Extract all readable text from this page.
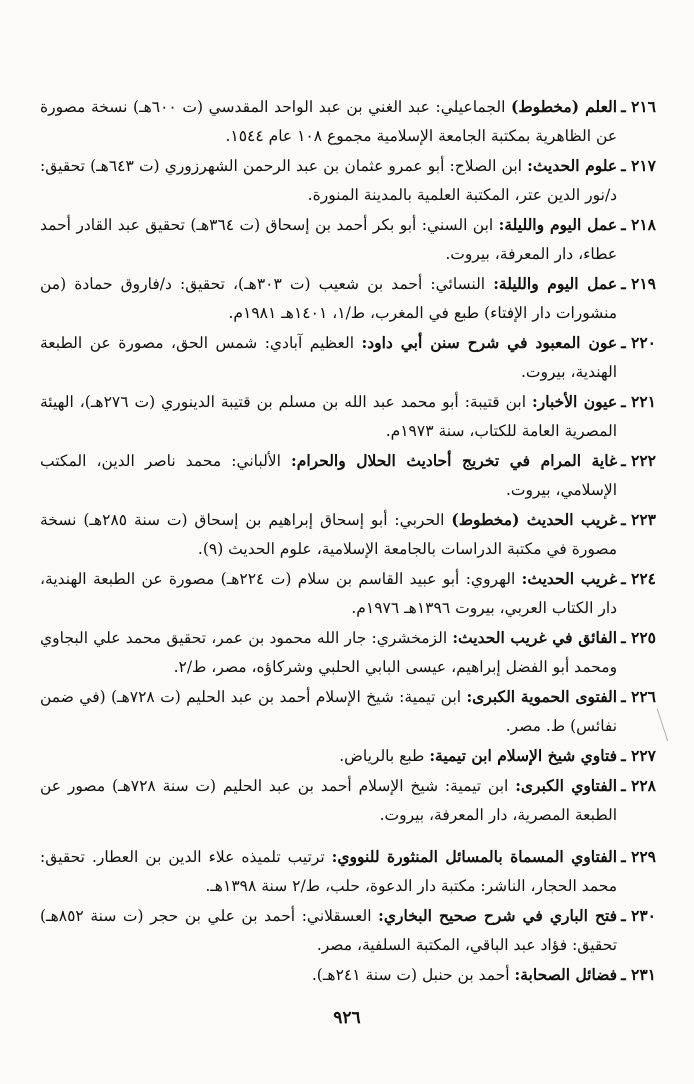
٢١٦ ـ
العلم (مخطوط) الجماعيلي: عبد الغني بن عبد الواحد المقدسي (ت ٦٠٠هـ) نسخة مصورة عن الظاهرية بمكتبة الجامعة الإسلامية مجموع ١٠٨ عام ١٥٤٤.
٢١٧ ـ
علوم الحديث: ابن الصلاح: أبو عمرو عثمان بن عبد الرحمن الشهرزوري (ت ٦٤٣هـ) تحقيق: د/نور الدين عتر، المكتبة العلمية بالمدينة المنورة.
٢١٨ ـ
عمل اليوم والليلة: ابن السني: أبو بكر أحمد بن إسحاق (ت ٣٦٤هـ) تحقيق عبد القادر أحمد عطاء، دار المعرفة، بيروت.
٢١٩ ـ
عمل اليوم والليلة: النسائي: أحمد بن شعيب (ت ٣٠٣هـ)، تحقيق: د/فاروق حمادة (من منشورات دار الإفتاء) طبع في المغرب، ط/١، ١٤٠١هـ ١٩٨١م.
٢٢٠ ـ
عون المعبود في شرح سنن أبي داود: العظيم آبادي: شمس الحق، مصورة عن الطبعة الهندية، بيروت.
٢٢١ ـ
عيون الأخبار: ابن قتيبة: أبو محمد عبد الله بن مسلم بن قتيبة الدينوري (ت ٢٧٦هـ)، الهيئة المصرية العامة للكتاب، سنة ١٩٧٣م.
٢٢٢ ـ
غاية المرام في تخريج أحاديث الحلال والحرام: الألباني: محمد ناصر الدين، المكتب الإسلامي، بيروت.
٢٢٣ ـ
غريب الحديث (مخطوط) الحربي: أبو إسحاق إبراهيم بن إسحاق (ت سنة ٢٨٥هـ) نسخة مصورة في مكتبة الدراسات بالجامعة الإسلامية، علوم الحديث (٩).
٢٢٤ ـ
غريب الحديث: الهروي: أبو عبيد القاسم بن سلام (ت ٢٢٤هـ) مصورة عن الطبعة الهندية، دار الكتاب العربي، بيروت ١٣٩٦هـ ١٩٧٦م.
٢٢٥ ـ
الفائق في غريب الحديث: الزمخشري: جار الله محمود بن عمر، تحقيق محمد علي البجاوي ومحمد أبو الفضل إبراهيم، عيسى البابي الحلبي وشركاؤه، مصر، ط/٢.
٢٢٦ ـ
الفتوى الحموية الكبرى: ابن تيمية: شيخ الإسلام أحمد بن عبد الحليم (ت ٧٢٨هـ) (في ضمن نفائس) ط. مصر.
٢٢٧ ـ
فتاوي شيخ الإسلام ابن تيمية: طبع بالرياض.
٢٢٨ ـ
الفتاوي الكبرى: ابن تيمية: شيخ الإسلام أحمد بن عبد الحليم (ت سنة ٧٢٨هـ) مصور عن الطبعة المصرية، دار المعرفة، بيروت.
٢٢٩ ـ
الفتاوي المسماة بالمسائل المنثورة للنووي: ترتيب تلميذه علاء الدين بن العطار. تحقيق: محمد الحجار، الناشر: مكتبة دار الدعوة، حلب، ط/٢ سنة ١٣٩٨هـ.
٢٣٠ ـ
فتح الباري في شرح صحيح البخاري: العسقلاني: أحمد بن علي بن حجر (ت سنة ٨٥٢هـ) تحقيق: فؤاد عبد الباقي، المكتبة السلفية، مصر.
٢٣١ ـ
فضائل الصحابة: أحمد بن حنبل (ت سنة ٢٤١هـ).
٩٢٦
